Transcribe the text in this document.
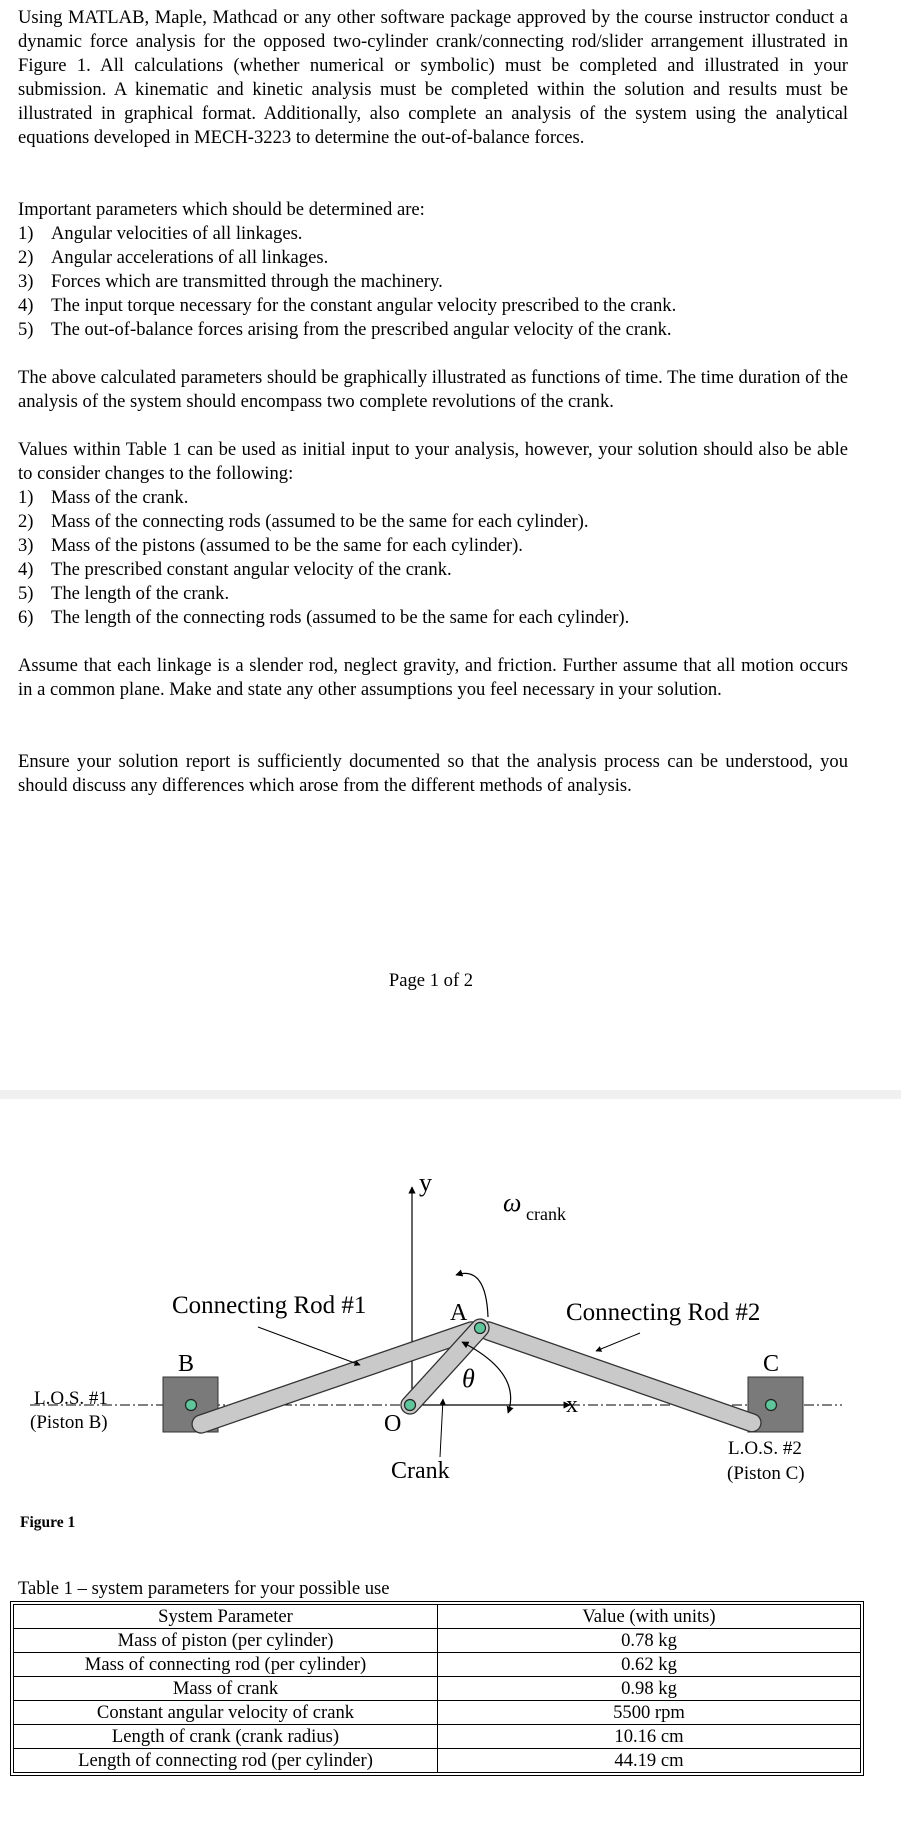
Using MATLAB, Maple, Mathcad or any other software package approved by the course instructor conduct a dynamic force analysis for the opposed two-cylinder crank/connecting rod/slider arrangement illustrated in Figure 1. All calculations (whether numerical or symbolic) must be completed and illustrated in your submission. A kinematic and kinetic analysis must be completed within the solution and results must be illustrated in graphical format. Additionally, also complete an analysis of the system using the analytical equations developed in MECH-3223 to determine the out-of-balance forces.

Important parameters which should be determined are:

1) Angular velocities of all linkages.
2) Angular accelerations of all linkages.
3) Forces which are transmitted through the machinery.
4) The input torque necessary for the constant angular velocity prescribed to the crank.
5) The out-of-balance forces arising from the prescribed angular velocity of the crank.

The above calculated parameters should be graphically illustrated as functions of time. The time duration of the analysis of the system should encompass two complete revolutions of the crank.

Values within Table 1 can be used as initial input to your analysis, however, your solution should also be able to consider changes to the following:

1) Mass of the crank.
2) Mass of the connecting rods (assumed to be the same for each cylinder).
3) Mass of the pistons (assumed to be the same for each cylinder).
4) The prescribed constant angular velocity of the crank.
5) The length of the crank.
6) The length of the connecting rods (assumed to be the same for each cylinder).

Assume that each linkage is a slender rod, neglect gravity, and friction. Further assume that all motion occurs in a common plane. Make and state any other assumptions you feel necessary in your solution.

Ensure your solution report is sufficiently documented so that the analysis process can be understood, you should discuss any differences which arose from the different methods of analysis.

Page 1 of 2
y
x
ω crank
Connecting Rod #1	Connecting Rod #2
A
B	C
O
θ
Crank
L.O.S. #1
(Piston B)
L.O.S. #2
(Piston C)
Figure 1
Table 1 – system parameters for your possible use
System Parameter	Value (with units)
Mass of piston (per cylinder)	0.78 kg
Mass of connecting rod (per cylinder)	0.62 kg
Mass of crank	0.98 kg
Constant angular velocity of crank	5500 rpm
Length of crank (crank radius)	10.16 cm
Length of connecting rod (per cylinder)	44.19 cm
